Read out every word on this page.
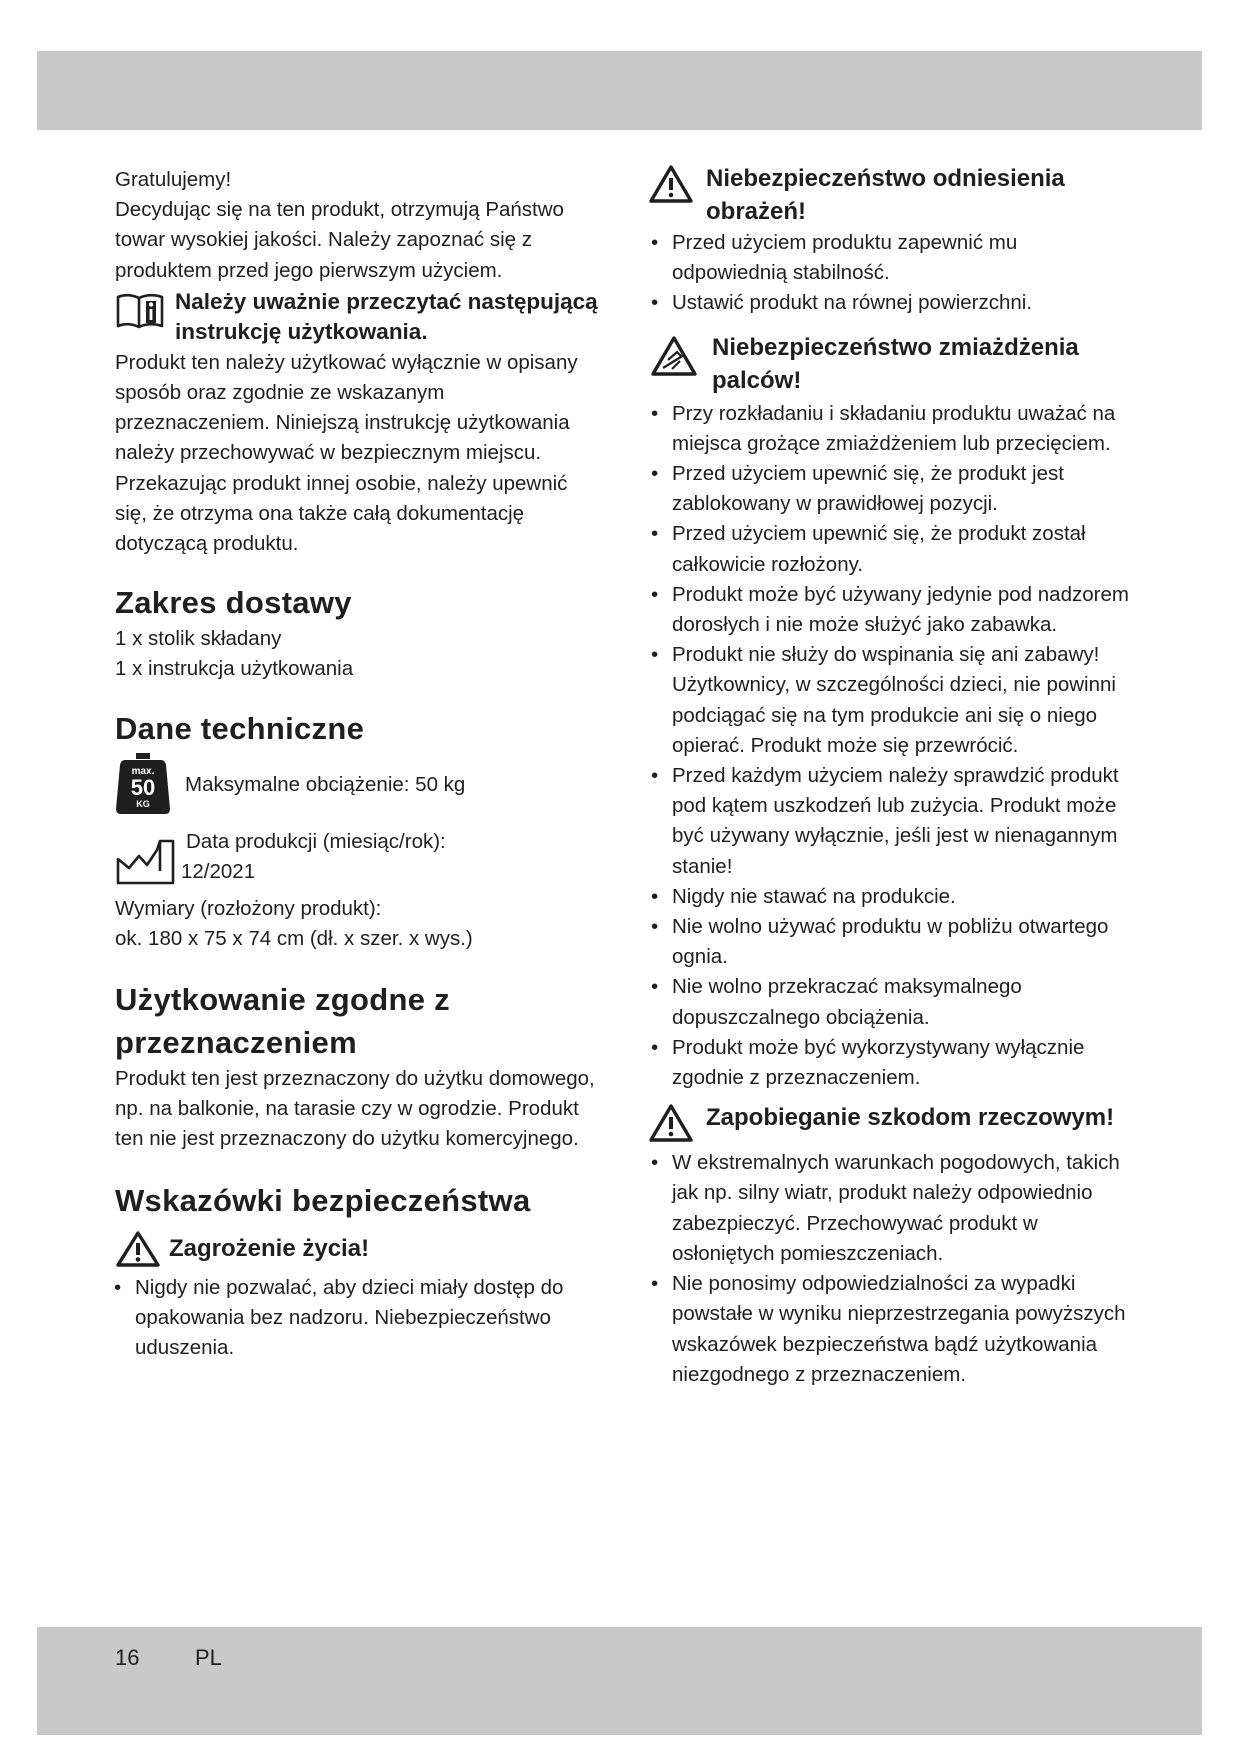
Gratulujemy!

Decydując się na ten produkt, otrzymują Państwo towar wysokiej jakości. Należy zapoznać się z produktem przed jego pierwszym użyciem.

Należy uważnie przeczytać następującą instrukcję użytkowania.

Produkt ten należy użytkować wyłącznie w opisany sposób oraz zgodnie ze wskazanym przeznaczeniem. Niniejszą instrukcję użytkowania należy przechowywać w bezpiecznym miejscu. Przekazując produkt innej osobie, należy upewnić się, że otrzyma ona także całą dokumentację dotyczącą produktu.

Zakres dostawy

1 x stolik składany

1 x instrukcja użytkowania

Dane techniczne
max.
50
KG
Maksymalne obciążenie: 50 kg
Data produkcji (miesiąc/rok):
12/2021

Wymiary (rozłożony produkt):

ok. 180 x 75 x 74 cm (dł. x szer. x wys.)

Użytkowanie zgodne z przeznaczeniem

Produkt ten jest przeznaczony do użytku domowego, np. na balkonie, na tarasie czy w ogrodzie. Produkt ten nie jest przeznaczony do użytku komercyjnego.

Wskazówki bezpieczeństwa
Zagrożenie życia!
• Nigdy nie pozwalać, aby dzieci miały dostęp do opakowania bez nadzoru. Niebezpieczeństwo uduszenia.
Niebezpieczeństwo odniesienia obrażeń!
• Przed użyciem produktu zapewnić mu odpowiednią stabilność.
• Ustawić produkt na równej powierzchni.
Niebezpieczeństwo zmiażdżenia palców!
• Przy rozkładaniu i składaniu produktu uważać na miejsca grożące zmiażdżeniem lub przecięciem.
• Przed użyciem upewnić się, że produkt jest zablokowany w prawidłowej pozycji.
• Przed użyciem upewnić się, że produkt został całkowicie rozłożony.
• Produkt może być używany jedynie pod nadzorem dorosłych i nie może służyć jako zabawka.
• Produkt nie służy do wspinania się ani zabawy! Użytkownicy, w szczególności dzieci, nie powinni podciągać się na tym produkcie ani się o niego opierać. Produkt może się przewrócić.
• Przed każdym użyciem należy sprawdzić produkt pod kątem uszkodzeń lub zużycia. Produkt może być używany wyłącznie, jeśli jest w nienagannym stanie!
• Nigdy nie stawać na produkcie.
• Nie wolno używać produktu w pobliżu otwartego ognia.
• Nie wolno przekraczać maksymalnego dopuszczalnego obciążenia.
• Produkt może być wykorzystywany wyłącznie zgodnie z przeznaczeniem.
Zapobieganie szkodom rzeczowym!
• W ekstremalnych warunkach pogodowych, takich jak np. silny wiatr, produkt należy odpowiednio zabezpieczyć. Przechowywać produkt w osłoniętych pomieszczeniach.
• Nie ponosimy odpowiedzialności za wypadki powstałe w wyniku nieprzestrzegania powyższych wskazówek bezpieczeństwa bądź użytkowania niezgodnego z przeznaczeniem.
16	PL
